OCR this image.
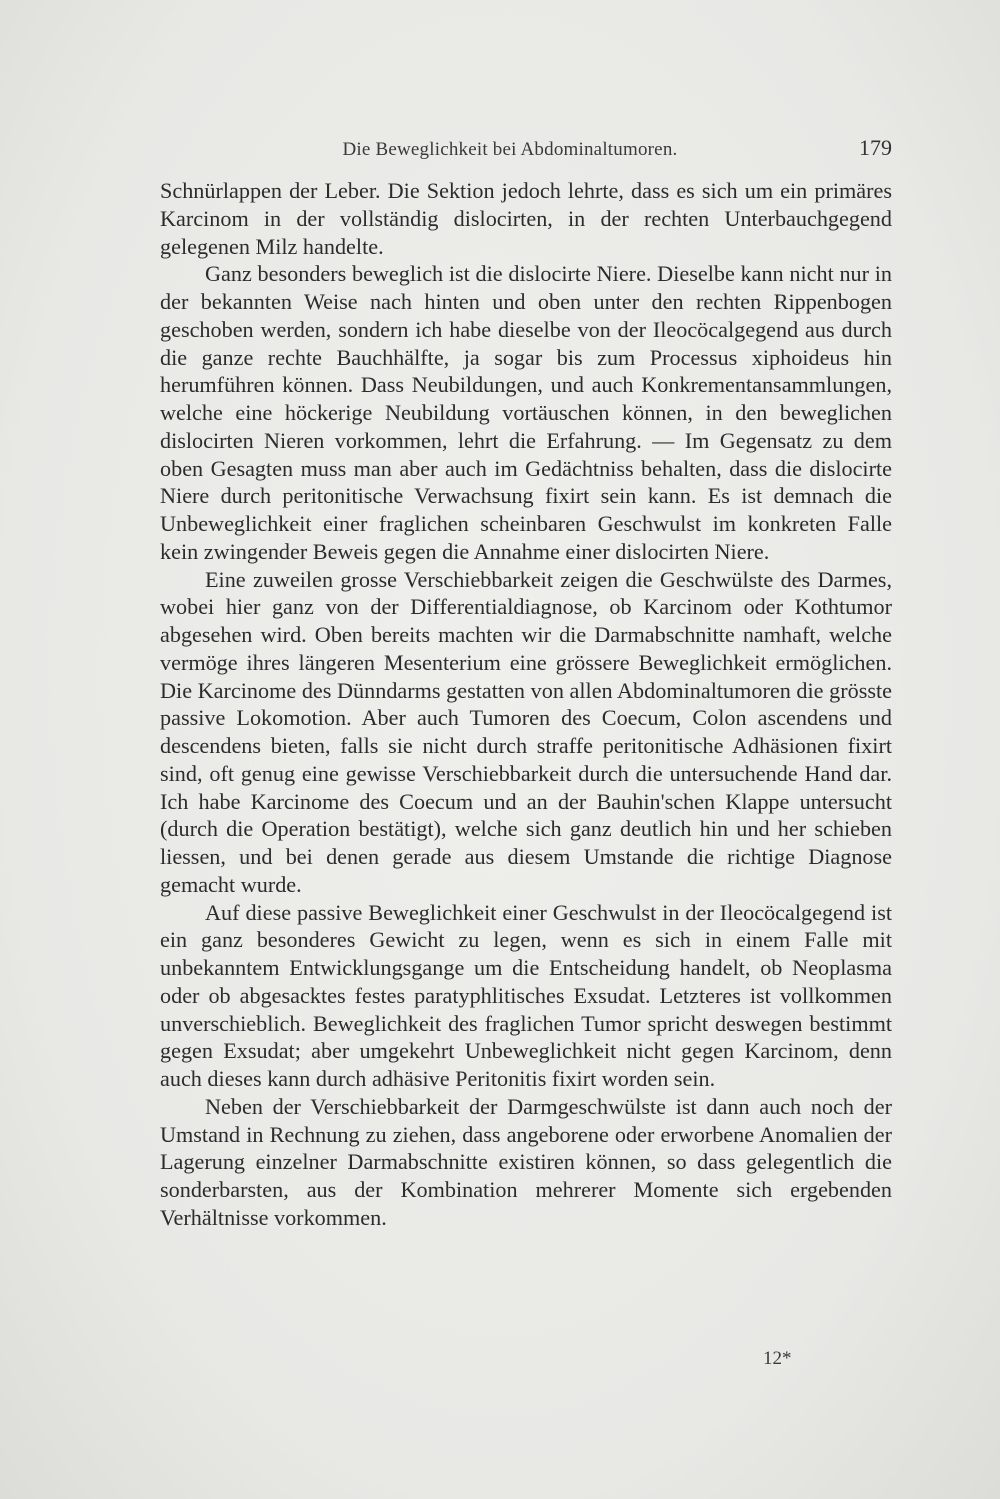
Die Beweglichkeit bei Abdominaltumoren.	179

Schnürlappen der Leber. Die Sektion jedoch lehrte, dass es sich um ein primäres Karcinom in der vollständig dislocirten, in der rechten Unterbauchgegend gelegenen Milz handelte.

Ganz besonders beweglich ist die dislocirte Niere. Dieselbe kann nicht nur in der bekannten Weise nach hinten und oben unter den rechten Rippenbogen geschoben werden, sondern ich habe dieselbe von der Ileocöcalgegend aus durch die ganze rechte Bauchhälfte, ja sogar bis zum Processus xiphoideus hin herumführen können. Dass Neubildungen, und auch Konkrementansammlungen, welche eine höckerige Neubildung vortäuschen können, in den beweglichen dislocirten Nieren vorkommen, lehrt die Erfahrung. — Im Gegensatz zu dem oben Gesagten muss man aber auch im Gedächtniss behalten, dass die dislocirte Niere durch peritonitische Verwachsung fixirt sein kann. Es ist demnach die Unbeweglichkeit einer fraglichen scheinbaren Geschwulst im konkreten Falle kein zwingender Beweis gegen die Annahme einer dislocirten Niere.

Eine zuweilen grosse Verschiebbarkeit zeigen die Geschwülste des Darmes, wobei hier ganz von der Differentialdiagnose, ob Karcinom oder Kothtumor abgesehen wird. Oben bereits machten wir die Darmabschnitte namhaft, welche vermöge ihres längeren Mesenterium eine grössere Beweglichkeit ermöglichen. Die Karcinome des Dünndarms gestatten von allen Abdominaltumoren die grösste passive Lokomotion. Aber auch Tumoren des Coecum, Colon ascendens und descendens bieten, falls sie nicht durch straffe peritonitische Adhäsionen fixirt sind, oft genug eine gewisse Verschiebbarkeit durch die untersuchende Hand dar. Ich habe Karcinome des Coecum und an der Bauhin'schen Klappe untersucht (durch die Operation bestätigt), welche sich ganz deutlich hin und her schieben liessen, und bei denen gerade aus diesem Umstande die richtige Diagnose gemacht wurde.

Auf diese passive Beweglichkeit einer Geschwulst in der Ileocöcalgegend ist ein ganz besonderes Gewicht zu legen, wenn es sich in einem Falle mit unbekanntem Entwicklungsgange um die Entscheidung handelt, ob Neoplasma oder ob abgesacktes festes paratyphlitisches Exsudat. Letzteres ist vollkommen unverschieblich. Beweglichkeit des fraglichen Tumor spricht deswegen bestimmt gegen Exsudat; aber umgekehrt Unbeweglichkeit nicht gegen Karcinom, denn auch dieses kann durch adhäsive Peritonitis fixirt worden sein.

Neben der Verschiebbarkeit der Darmgeschwülste ist dann auch noch der Umstand in Rechnung zu ziehen, dass angeborene oder erworbene Anomalien der Lagerung einzelner Darmabschnitte existiren können, so dass gelegentlich die sonderbarsten, aus der Kombination mehrerer Momente sich ergebenden Verhältnisse vorkommen.

12*
